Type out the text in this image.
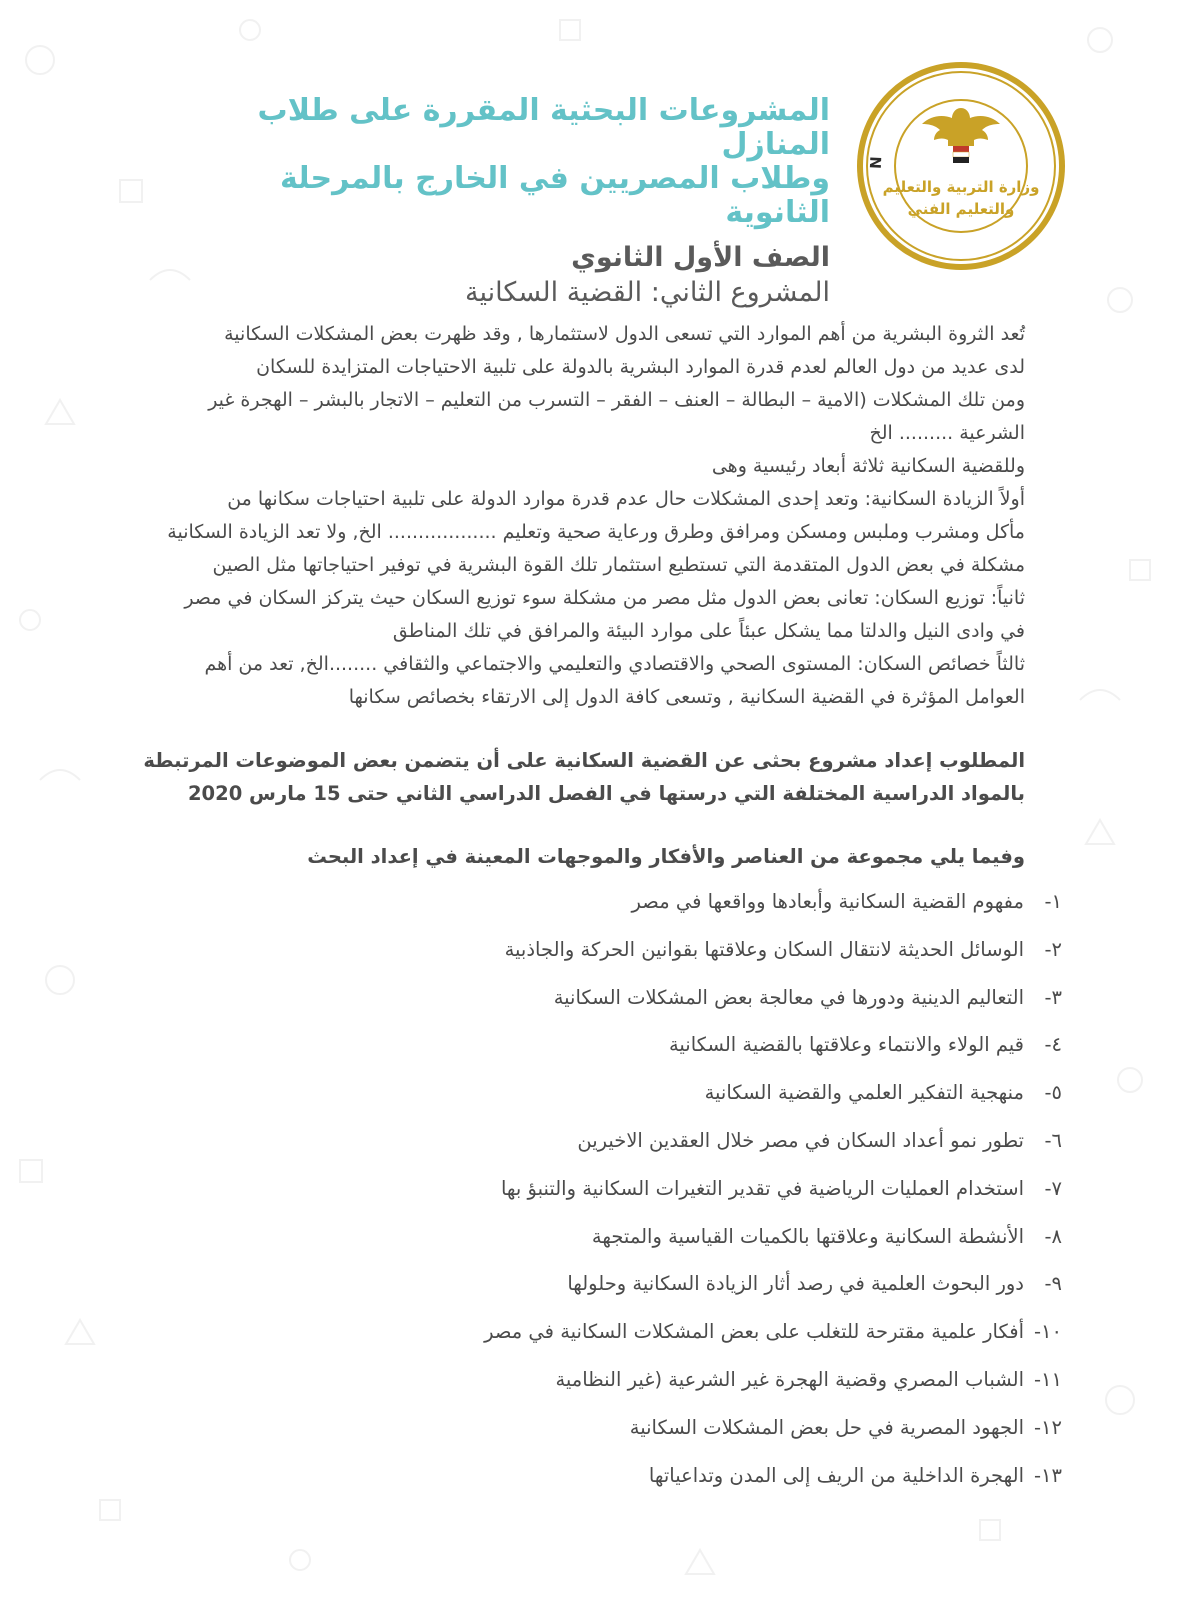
N
وزارة التربية والتعليم
والتعليم الفني

المشروعات البحثية المقررة على طلاب المنازل

وطلاب المصريين في الخارج بالمرحلة الثانوية

الصف الأول الثانوي

المشروع الثاني: القضية السكانية

تُعد الثروة البشرية من أهم الموارد التي تسعى الدول لاستثمارها , وقد ظهرت بعض المشكلات السكانية

لدى عديد من دول العالم لعدم قدرة الموارد البشرية بالدولة على تلبية الاحتياجات المتزايدة للسكان

ومن تلك المشكلات (الامية – البطالة – العنف – الفقر – التسرب من التعليم – الاتجار بالبشر – الهجرة غير

الشرعية ......... الخ

وللقضية السكانية ثلاثة أبعاد رئيسية وهى

أولاً الزيادة السكانية: وتعد إحدى المشكلات حال عدم قدرة موارد الدولة على تلبية احتياجات سكانها من

مأكل ومشرب وملبس ومسكن ومرافق وطرق ورعاية صحية وتعليم .................. الخ, ولا تعد الزيادة السكانية

مشكلة في بعض الدول المتقدمة التي تستطيع استثمار تلك القوة البشرية في توفير احتياجاتها مثل الصين

ثانياً: توزيع السكان: تعانى بعض الدول مثل مصر من مشكلة سوء توزيع السكان حيث يتركز السكان في مصر

في وادى النيل والدلتا مما يشكل عبئاً على موارد البيئة والمرافق في تلك المناطق

ثالثاً خصائص السكان: المستوى الصحي والاقتصادي والتعليمي والاجتماعي والثقافي ........الخ, تعد من أهم

العوامل المؤثرة في القضية السكانية , وتسعى كافة الدول إلى الارتقاء بخصائص سكانها

المطلوب إعداد مشروع بحثى عن القضية السكانية على أن يتضمن بعض الموضوعات المرتبطة

بالمواد الدراسية المختلفة التي درستها في الفصل الدراسي الثاني حتى 15 مارس 2020

وفيما يلي مجموعة من العناصر والأفكار والموجهات المعينة في إعداد البحث

١-
مفهوم القضية السكانية وأبعادها وواقعها في مصر
٢-
الوسائل الحديثة لانتقال السكان وعلاقتها بقوانين الحركة والجاذبية
٣-
التعاليم الدينية ودورها في معالجة بعض المشكلات السكانية
٤-
قيم الولاء والانتماء وعلاقتها بالقضية السكانية
٥-
منهجية التفكير العلمي والقضية السكانية
٦-
تطور نمو أعداد السكان في مصر خلال العقدين الاخيرين
٧-
استخدام العمليات الرياضية في تقدير التغيرات السكانية والتنبؤ بها
٨-
الأنشطة السكانية وعلاقتها بالكميات القياسية والمتجهة
٩-
دور البحوث العلمية في رصد أثار الزيادة السكانية وحلولها
١٠-
أفكار علمية مقترحة للتغلب على بعض المشكلات السكانية في مصر
١١-
الشباب المصري وقضية الهجرة غير الشرعية (غير النظامية
١٢-
الجهود المصرية في حل بعض المشكلات السكانية
١٣-
الهجرة الداخلية من الريف إلى المدن وتداعياتها
